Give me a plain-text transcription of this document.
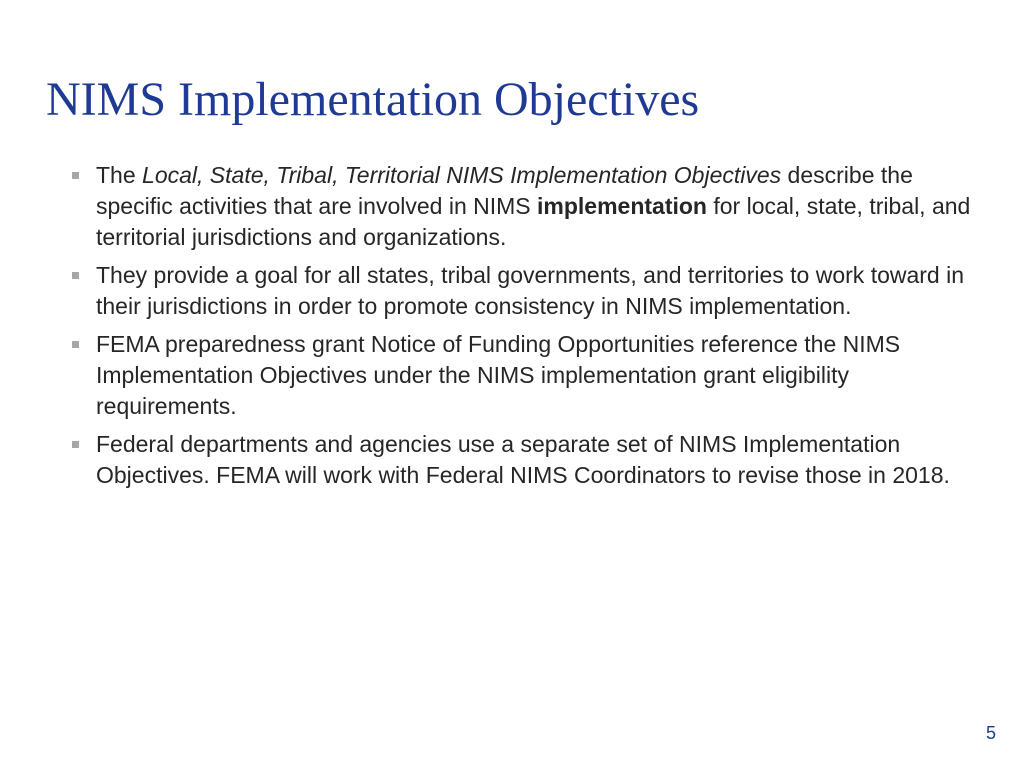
NIMS Implementation Objectives
The Local, State, Tribal, Territorial NIMS Implementation Objectives describe the specific activities that are involved in NIMS implementation for local, state, tribal, and territorial jurisdictions and organizations.
They provide a goal for all states, tribal governments, and territories to work toward in their jurisdictions in order to promote consistency in NIMS implementation.
FEMA preparedness grant Notice of Funding Opportunities reference the NIMS Implementation Objectives under the NIMS implementation grant eligibility requirements.
Federal departments and agencies use a separate set of NIMS Implementation Objectives. FEMA will work with Federal NIMS Coordinators to revise those in 2018.
5
